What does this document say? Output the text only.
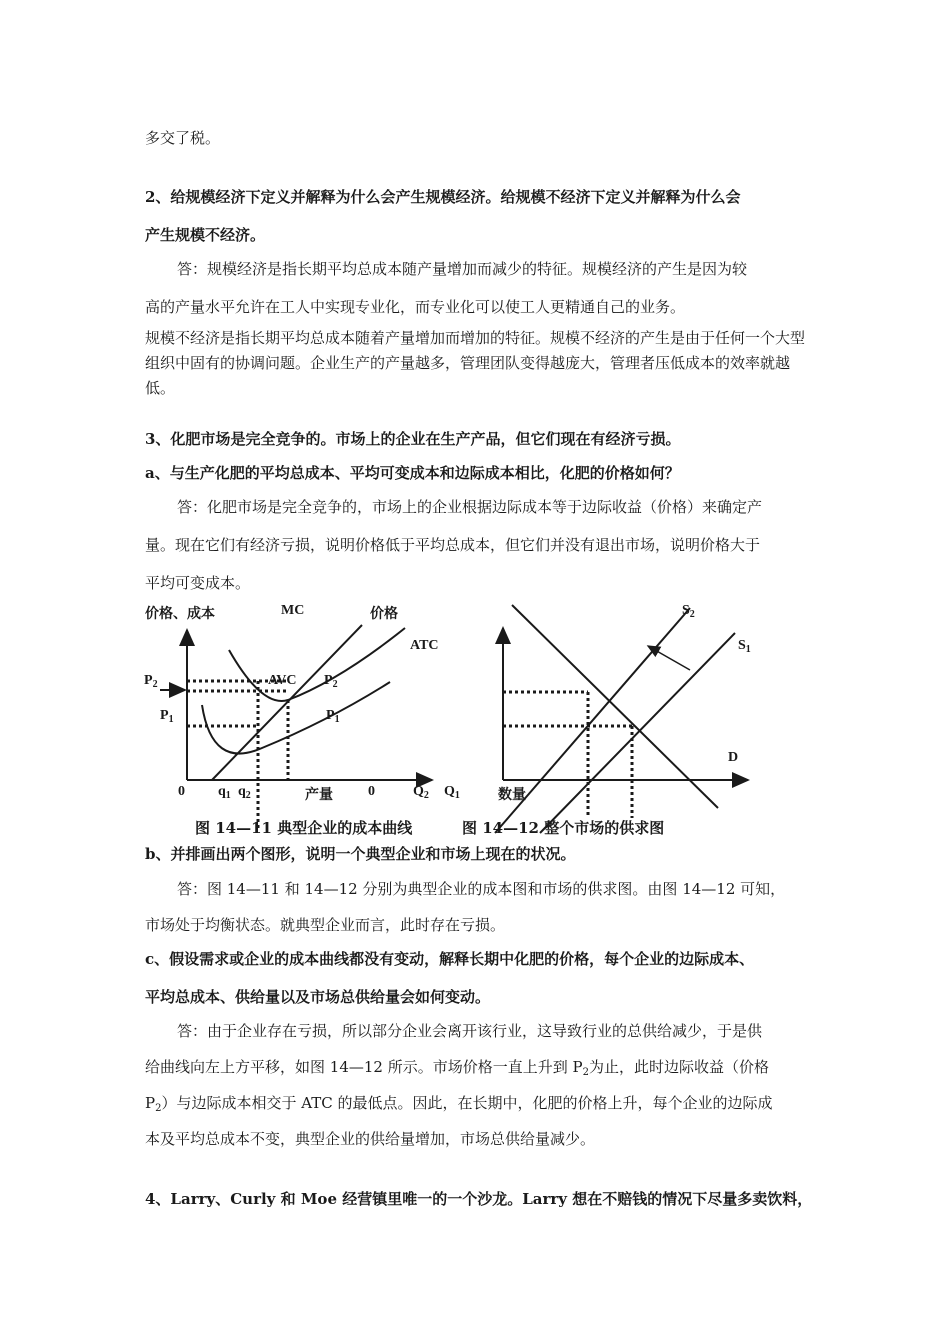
多交了税。
2、给规模经济下定义并解释为什么会产生规模经济。给规模不经济下定义并解释为什么会
产生规模不经济。
答：规模经济是指长期平均总成本随产量增加而减少的特征。规模经济的产生是因为较
高的产量水平允许在工人中实现专业化，而专业化可以使工人更精通自己的业务。
规模不经济是指长期平均总成本随着产量增加而增加的特征。规模不经济的产生是由于任何一个大型组织中固有的协调问题。企业生产的产量越多，管理团队变得越庞大，管理者压低成本的效率就越低。
3、化肥市场是完全竞争的。市场上的企业在生产产品，但它们现在有经济亏损。
a、与生产化肥的平均总成本、平均可变成本和边际成本相比，化肥的价格如何？
答：化肥市场是完全竞争的，市场上的企业根据边际成本等于边际收益（价格）来确定产
量。现在它们有经济亏损，说明价格低于平均总成本，但它们并没有退出市场，说明价格大于
平均可变成本。
价格、成本	MC
ATC
AVC
$P_2$
$P_1$
$P_2$
$P_1$
0 $q_1$ $q_2$	产量
图 14—11 典型企业的成本曲线
价格
0	$Q_2$ $Q_1$	数量
$S_2$
$S_1$
D
图 14—12 整个市场的供求图
b、并排画出两个图形，说明一个典型企业和市场上现在的状况。
答：图 14—11 和 14—12 分别为典型企业的成本图和市场的供求图。由图 14—12 可知，
市场处于均衡状态。就典型企业而言，此时存在亏损。
c、假设需求或企业的成本曲线都没有变动，解释长期中化肥的价格，每个企业的边际成本、
平均总成本、供给量以及市场总供给量会如何变动。
答：由于企业存在亏损，所以部分企业会离开该行业，这导致行业的总供给减少，于是供
给曲线向左上方平移，如图 14—12 所示。市场价格一直上升到 $P_2$为止，此时边际收益（价格
$P_2$）与边际成本相交于 ATC 的最低点。因此，在长期中，化肥的价格上升，每个企业的边际成
本及平均总成本不变，典型企业的供给量增加，市场总供给量减少。
4、Larry、Curly 和 Moe 经营镇里唯一的一个沙龙。Larry 想在不赔钱的情况下尽量多卖饮料，
